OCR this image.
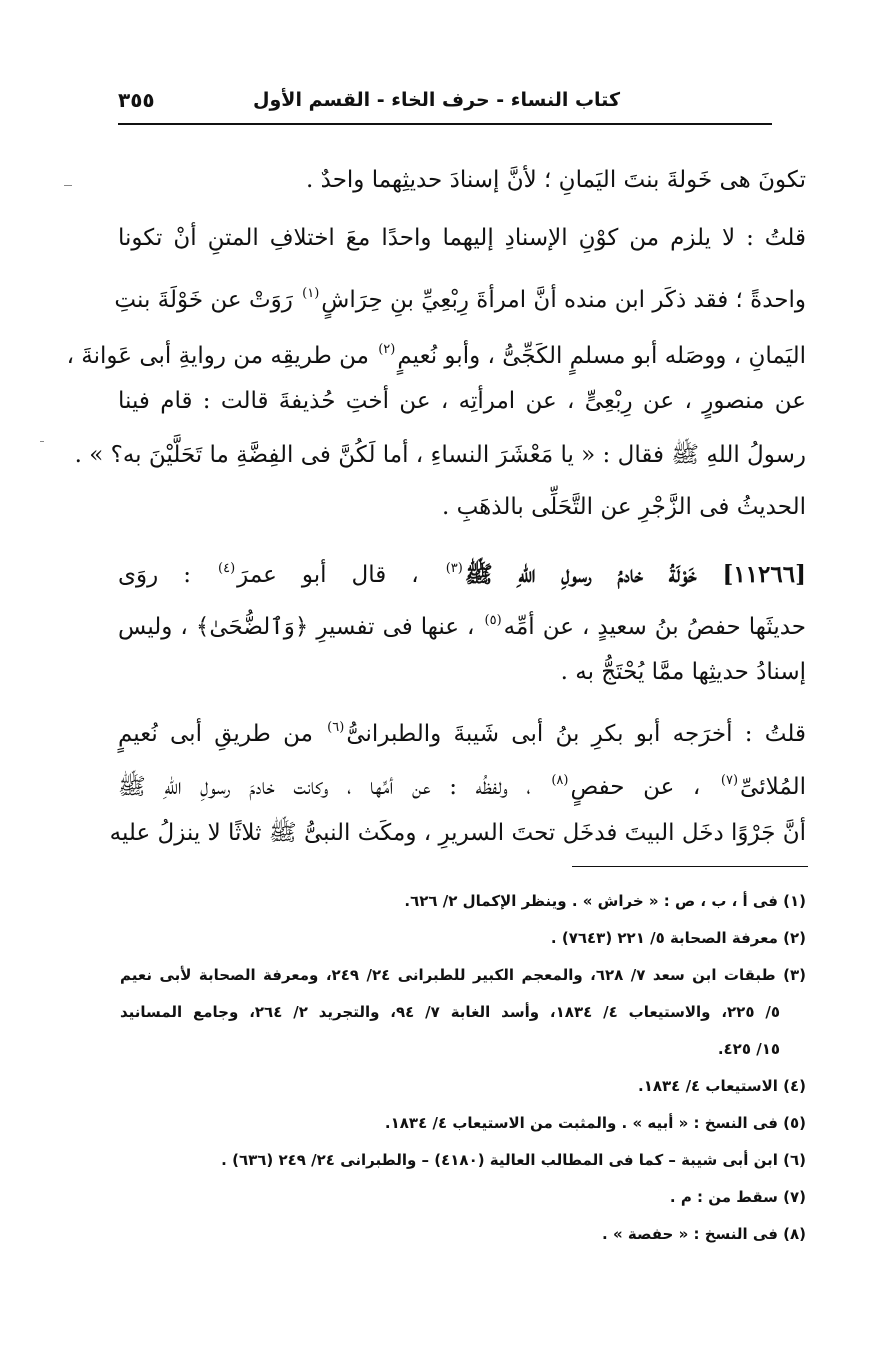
كتاب النساء - حرف الخاء - القسم الأول
٣٥٥
تكونَ هى خَولةَ بنتَ اليَمانِ ؛ لأنَّ إسنادَ حديثِهما واحدٌ .
قلتُ : لا يلزم من كوْنِ الإسنادِ إليهما واحدًا معَ اختلافِ المتنِ أنْ تكونا
واحدةً ؛ فقد ذكَر ابن منده أنَّ امرأةَ رِبْعِيِّ بنِ حِرَاشٍ$^{(١)}$ رَوَتْ عن خَوْلَةَ بنتِ
اليَمانِ ، ووصَله أبو مسلمٍ الكَجِّىُّ ، وأبو نُعيمٍ$^{(٢)}$ من طريقِه من روايةِ أبى عَوانةَ ،
عن منصورٍ ، عن رِبْعِىٍّ ، عن امرأتِه ، عن أختِ حُذيفةَ قالت : قام فينا
رسولُ اللهِ ﷺ فقال : « يا مَعْشَرَ النساءِ ، أما لَكُنَّ فى الفِضَّةِ ما تَحَلَّيْنَ به؟ » .
الحديثُ فى الزَّجْرِ عن التَّحَلِّى بالذهَبِ .
[١١٢٦٦] خَوْلَةُ خادمُ رسولِ اللهِ ﷺ$^{(٣)}$ ، قال أبو عمرَ$^{(٤)}$ : روَى
حديثَها حفصُ بنُ سعيدٍ ، عن أمِّه$^{(٥)}$ ، عنها فى تفسيرِ ﴿وَٱلضُّحَىٰ﴾ ، وليس
إسنادُ حديثِها ممَّا يُحْتَجُّ به .
قلتُ : أخرَجه أبو بكرِ بنُ أبى شَيبةَ والطبرانىُّ$^{(٦)}$ من طريقِ أبى نُعيمٍ
المُلائىِّ$^{(٧)}$ ، عن حفصٍ$^{(٨)}$ ، ولفظُه : عن أمِّها ، وكانت خادمَ رسولِ اللهِ ﷺ
أنَّ جَرْوًا دخَل البيتَ فدخَل تحتَ السريرِ ، ومكَث النبىُّ ﷺ ثلاثًا لا ينزلُ عليه
(١) فى أ ، ب ، ص : « خراش » . وينظر الإكمال ٢/ ٦٢٦.
(٢) معرفة الصحابة ٥/ ٢٢١ (٧٦٤٣) .
(٣) طبقات ابن سعد ٧/ ٦٢٨، والمعجم الكبير للطبرانى ٢٤/ ٢٤٩، ومعرفة الصحابة لأبى نعيم
٥/ ٢٢٥، والاستيعاب ٤/ ١٨٣٤، وأسد الغابة ٧/ ٩٤، والتجريد ٢/ ٢٦٤، وجامع المسانيد
١٥/ ٤٢٥.
(٤) الاستيعاب ٤/ ١٨٣٤.
(٥) فى النسخ : « أبيه » . والمثبت من الاستيعاب ٤/ ١٨٣٤.
(٦) ابن أبى شيبة – كما فى المطالب العالية (٤١٨٠) – والطبرانى ٢٤/ ٢٤٩ (٦٣٦) .
(٧) سقط من : م .
(٨) فى النسخ : « حفصة » .
